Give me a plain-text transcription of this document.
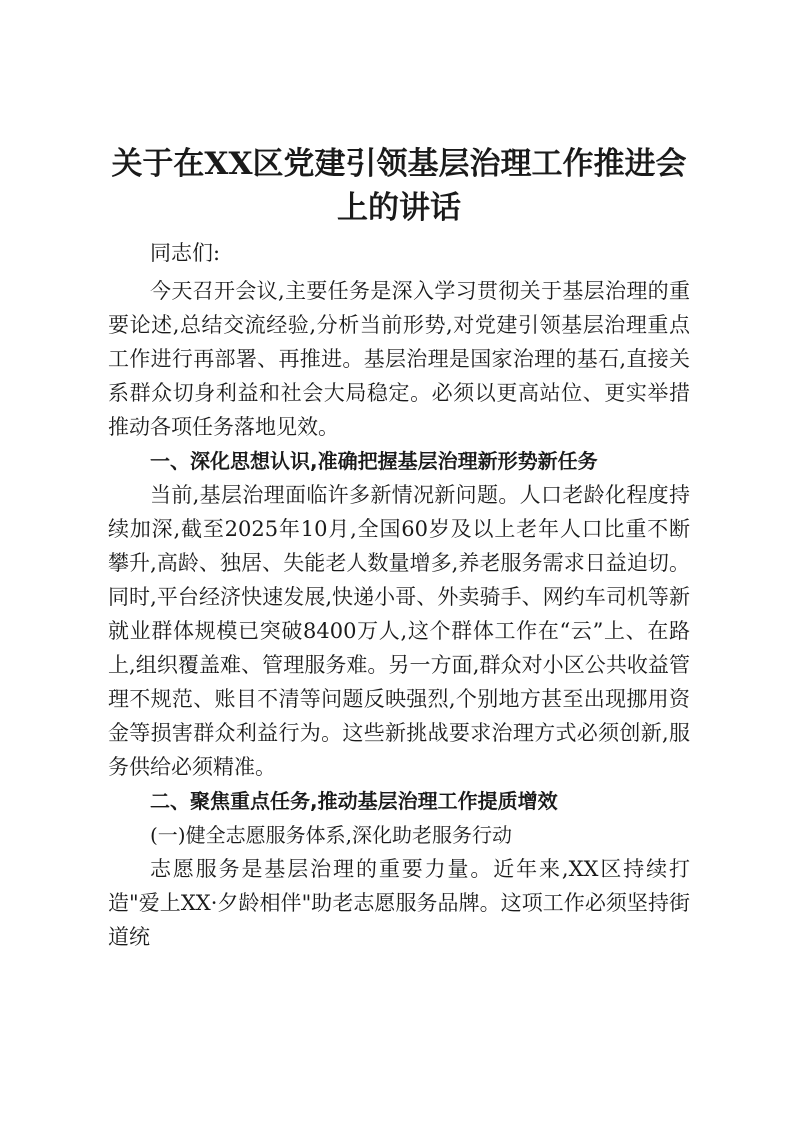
关于在XX区党建引领基层治理工作推进会上的讲话

同志们:

今天召开会议,主要任务是深入学习贯彻关于基层治理的重要论述,总结交流经验,分析当前形势,对党建引领基层治理重点工作进行再部署、再推进。基层治理是国家治理的基石,直接关系群众切身利益和社会大局稳定。必须以更高站位、更实举措推动各项任务落地见效。

一、深化思想认识,准确把握基层治理新形势新任务

当前,基层治理面临许多新情况新问题。人口老龄化程度持续加深,截至2025年10月,全国60岁及以上老年人口比重不断攀升,高龄、独居、失能老人数量增多,养老服务需求日益迫切。同时,平台经济快速发展,快递小哥、外卖骑手、网约车司机等新就业群体规模已突破8400万人,这个群体工作在“云”上、在路上,组织覆盖难、管理服务难。另一方面,群众对小区公共收益管理不规范、账目不清等问题反映强烈,个别地方甚至出现挪用资金等损害群众利益行为。这些新挑战要求治理方式必须创新,服务供给必须精准。

二、聚焦重点任务,推动基层治理工作提质增效

(一)健全志愿服务体系,深化助老服务行动

志愿服务是基层治理的重要力量。近年来,XX区持续打造"爱上XX·夕龄相伴"助老志愿服务品牌。这项工作必须坚持街道统
